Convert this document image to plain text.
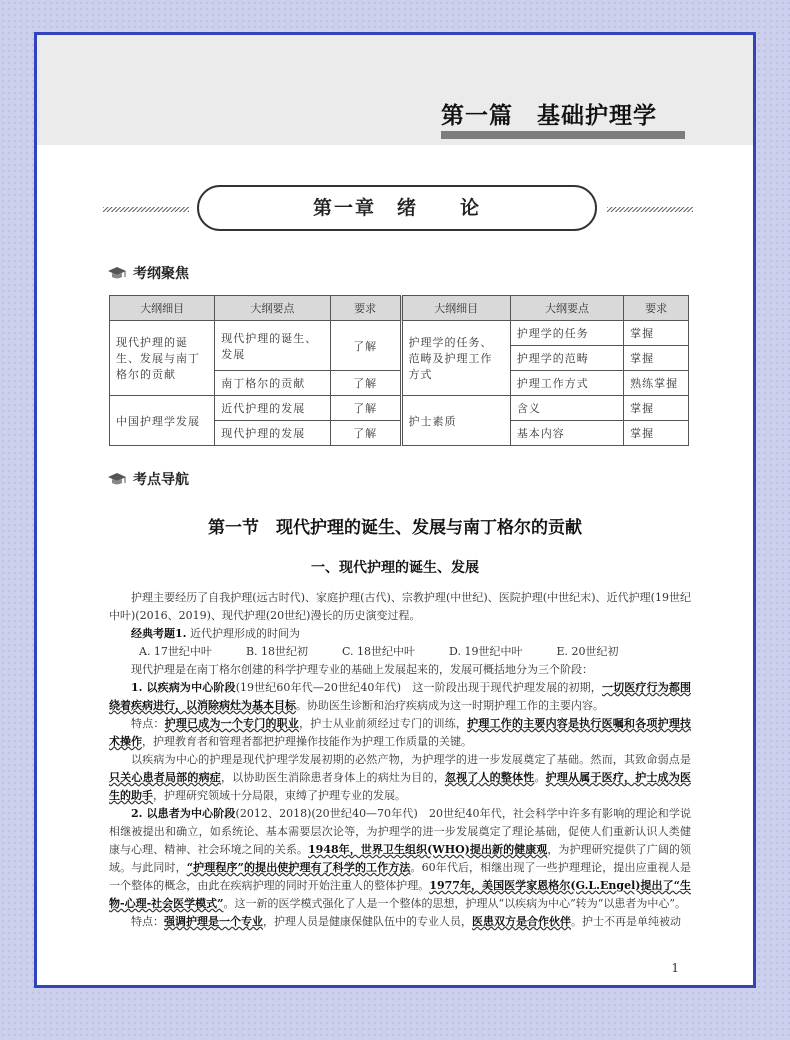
第一篇　基础护理学
第一章　绪　　论
考纲聚焦
大纲细目	大纲要点	要求	大纲细目	大纲要点	要求
现代护理的诞生、发展与南丁格尔的贡献	现代护理的诞生、发展	了解	护理学的任务、范畴及护理工作方式	护理学的任务	掌握
				护理学的范畴	掌握
	南丁格尔的贡献	了解		护理工作方式	熟练掌握
中国护理学发展	近代护理的发展	了解	护士素质	含义	掌握
	现代护理的发展	了解		基本内容	掌握
考点导航
第一节　现代护理的诞生、发展与南丁格尔的贡献
一、现代护理的诞生、发展

护理主要经历了自我护理(远古时代)、家庭护理(古代)、宗教护理(中世纪)、医院护理(中世纪末)、近代护理(19世纪中叶)(2016、2019)、现代护理(20世纪)漫长的历史演变过程。

经典考题1. 近代护理形成的时间为

A. 17世纪中叶	B. 18世纪初	C. 18世纪中叶	D. 19世纪中叶	E. 20世纪初

现代护理是在南丁格尔创建的科学护理专业的基础上发展起来的，发展可概括地分为三个阶段：

1. 以疾病为中心阶段(19世纪60年代—20世纪40年代)　 这一阶段出现于现代护理发展的初期，一切医疗行为都围绕着疾病进行，以消除病灶为基本目标。协助医生诊断和治疗疾病成为这一时期护理工作的主要内容。

特点：护理已成为一个专门的职业，护士从业前须经过专门的训练，护理工作的主要内容是执行医嘱和各项护理技术操作，护理教育者和管理者都把护理操作技能作为护理工作质量的关键。

以疾病为中心的护理是现代护理学发展初期的必然产物，为护理学的进一步发展奠定了基础。然而，其致命弱点是只关心患者局部的病症，以协助医生消除患者身体上的病灶为目的，忽视了人的整体性。护理从属于医疗，护士成为医生的助手，护理研究领域十分局限，束缚了护理专业的发展。

2. 以患者为中心阶段(2012、2018)(20世纪40—70年代)　 20世纪40年代，社会科学中许多有影响的理论和学说相继被提出和确立，如系统论、基本需要层次论等，为护理学的进一步发展奠定了理论基础，促使人们重新认识人类健康与心理、精神、社会环境之间的关系。1948年，世界卫生组织(WHO)提出新的健康观，为护理研究提供了广阔的领域。与此同时，“护理程序”的提出使护理有了科学的工作方法。60年代后，相继出现了一些护理理论，提出应重视人是一个整体的概念，由此在疾病护理的同时开始注重人的整体护理。1977年，美国医学家恩格尔(G.L.Engel)提出了“生物-心理-社会医学模式”。这一新的医学模式强化了人是一个整体的思想，护理从“以疾病为中心”转为“以患者为中心”。

特点：强调护理是一个专业，护理人员是健康保健队伍中的专业人员，医患双方是合作伙伴。护士不再是单纯被动

1
